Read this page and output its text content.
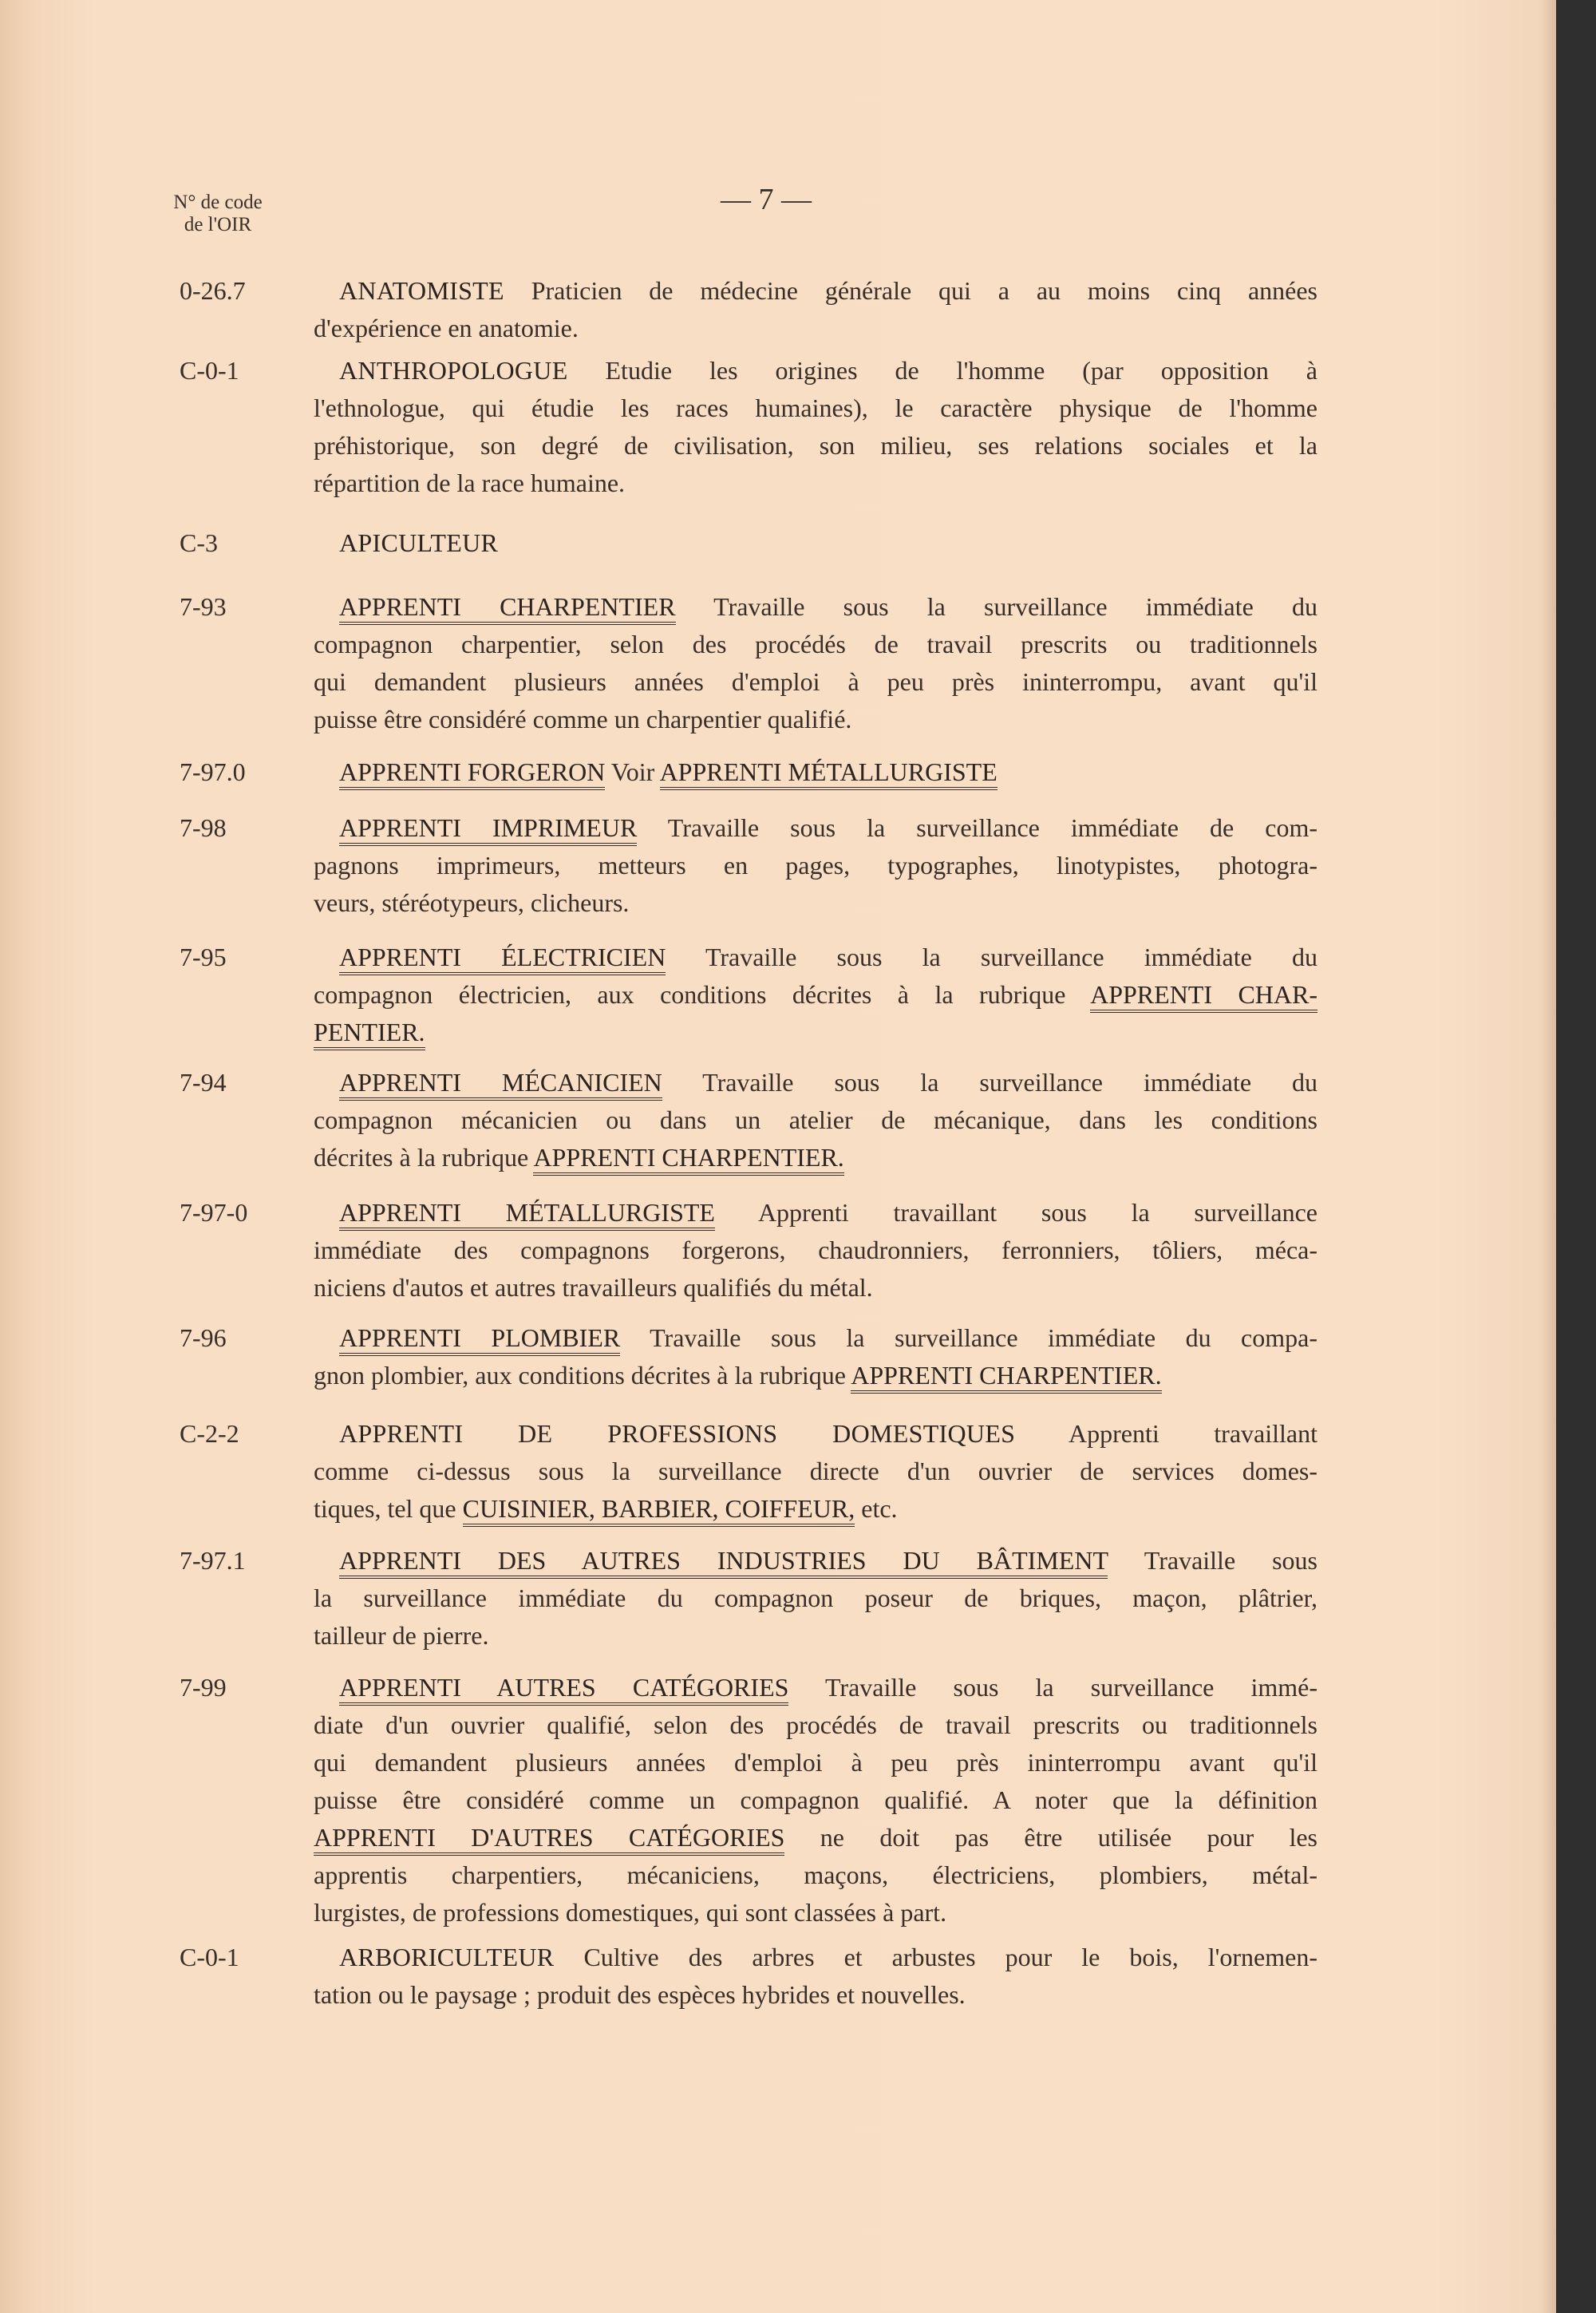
N° de code
de l'OIR
— 7 —
0-26.7	ANATOMISTE Praticien de médecine générale qui a au moins cinq années
d'expérience en anatomie.
C-0-1	ANTHROPOLOGUE Etudie les origines de l'homme (par opposition à
l'ethnologue, qui étudie les races humaines), le caractère physique de l'homme
préhistorique, son degré de civilisation, son milieu, ses relations sociales et la
répartition de la race humaine.
C-3	APICULTEUR
7-93	APPRENTI CHARPENTIER Travaille sous la surveillance immédiate du
compagnon charpentier, selon des procédés de travail prescrits ou traditionnels
qui demandent plusieurs années d'emploi à peu près ininterrompu, avant qu'il
puisse être considéré comme un charpentier qualifié.
7-97.0	APPRENTI FORGERON Voir APPRENTI MÉTALLURGISTE
7-98	APPRENTI IMPRIMEUR Travaille sous la surveillance immédiate de com-
pagnons imprimeurs, metteurs en pages, typographes, linotypistes, photogra-
veurs, stéréotypeurs, clicheurs.
7-95	APPRENTI ÉLECTRICIEN Travaille sous la surveillance immédiate du
compagnon électricien, aux conditions décrites à la rubrique APPRENTI CHAR-
PENTIER.
7-94	APPRENTI MÉCANICIEN Travaille sous la surveillance immédiate du
compagnon mécanicien ou dans un atelier de mécanique, dans les conditions
décrites à la rubrique APPRENTI CHARPENTIER.
7-97-0	APPRENTI MÉTALLURGISTE Apprenti travaillant sous la surveillance
immédiate des compagnons forgerons, chaudronniers, ferronniers, tôliers, méca-
niciens d'autos et autres travailleurs qualifiés du métal.
7-96	APPRENTI PLOMBIER Travaille sous la surveillance immédiate du compa-
gnon plombier, aux conditions décrites à la rubrique APPRENTI CHARPENTIER.
C-2-2	APPRENTI DE PROFESSIONS DOMESTIQUES Apprenti travaillant
comme ci-dessus sous la surveillance directe d'un ouvrier de services domes-
tiques, tel que CUISINIER, BARBIER, COIFFEUR, etc.
7-97.1	APPRENTI DES AUTRES INDUSTRIES DU BÂTIMENT Travaille sous
la surveillance immédiate du compagnon poseur de briques, maçon, plâtrier,
tailleur de pierre.
7-99	APPRENTI AUTRES CATÉGORIES Travaille sous la surveillance immé-
diate d'un ouvrier qualifié, selon des procédés de travail prescrits ou traditionnels
qui demandent plusieurs années d'emploi à peu près ininterrompu avant qu'il
puisse être considéré comme un compagnon qualifié. A noter que la définition
APPRENTI D'AUTRES CATÉGORIES ne doit pas être utilisée pour les
apprentis charpentiers, mécaniciens, maçons, électriciens, plombiers, métal-
lurgistes, de professions domestiques, qui sont classées à part.
C-0-1	ARBORICULTEUR Cultive des arbres et arbustes pour le bois, l'ornemen-
tation ou le paysage ; produit des espèces hybrides et nouvelles.
